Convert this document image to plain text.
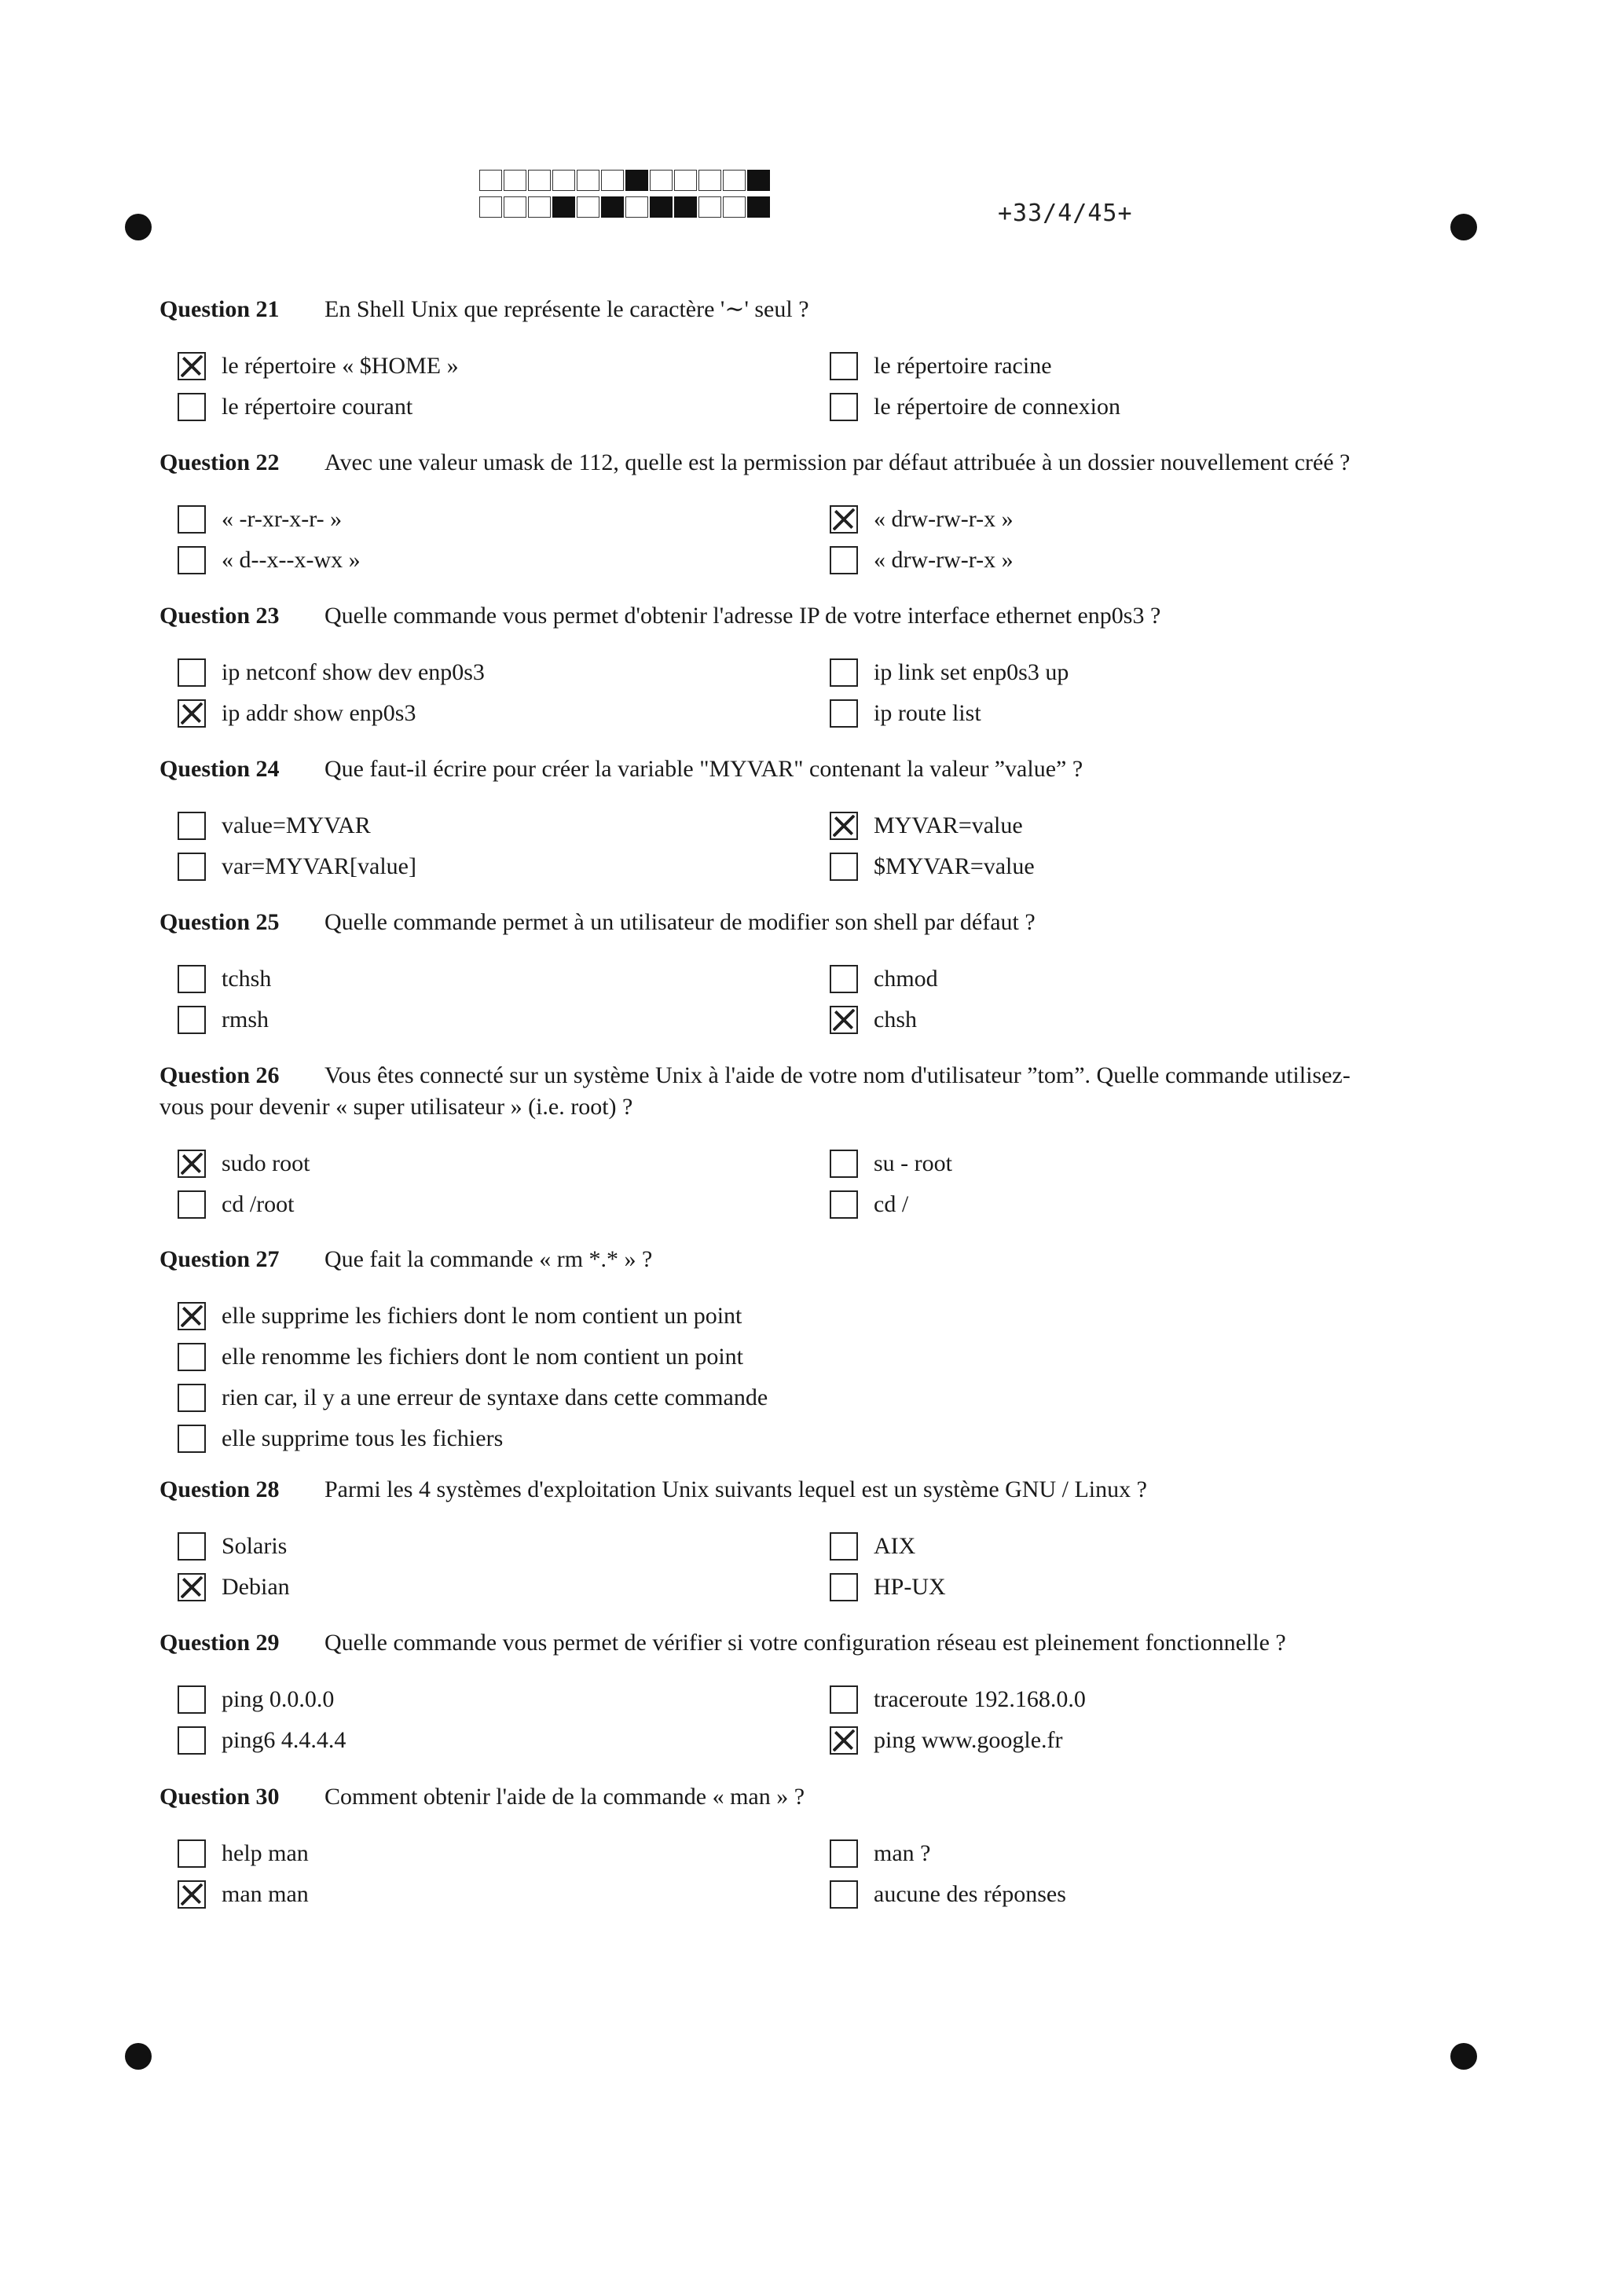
+33/4/45+

Question 21 En Shell Unix que représente le caractère '∼' seul ?

le répertoire « $HOME »
le répertoire courant
le répertoire racine
le répertoire de connexion

Question 22 Avec une valeur umask de 112, quelle est la permission par défaut attribuée à un dossier nouvellement créé ?

« -r-xr-x-r- »
« d--x--x-wx »
« drw-rw-r-x »
« drw-rw-r-x »

Question 23 Quelle commande vous permet d'obtenir l'adresse IP de votre interface ethernet enp0s3 ?

ip netconf show dev enp0s3
ip addr show enp0s3
ip link set enp0s3 up
ip route list

Question 24 Que faut-il écrire pour créer la variable "MYVAR" contenant la valeur ”value” ?

value=MYVAR
var=MYVAR[value]
MYVAR=value
$MYVAR=value

Question 25 Quelle commande permet à un utilisateur de modifier son shell par défaut ?

tchsh
rmsh
chmod
chsh

Question 26 Vous êtes connecté sur un système Unix à l'aide de votre nom d'utilisateur ”tom”. Quelle commande utilisez-

vous pour devenir « super utilisateur » (i.e. root) ?

sudo root
cd /root
su - root
cd /

Question 27 Que fait la commande « rm *.* » ?

elle supprime les fichiers dont le nom contient un point
elle renomme les fichiers dont le nom contient un point
rien car, il y a une erreur de syntaxe dans cette commande
elle supprime tous les fichiers

Question 28 Parmi les 4 systèmes d'exploitation Unix suivants lequel est un système GNU / Linux ?

Solaris
Debian
AIX
HP-UX

Question 29 Quelle commande vous permet de vérifier si votre configuration réseau est pleinement fonctionnelle ?

ping 0.0.0.0
ping6 4.4.4.4
traceroute 192.168.0.0
ping www.google.fr

Question 30 Comment obtenir l'aide de la commande « man » ?

help man
man man
man ?
aucune des réponses
